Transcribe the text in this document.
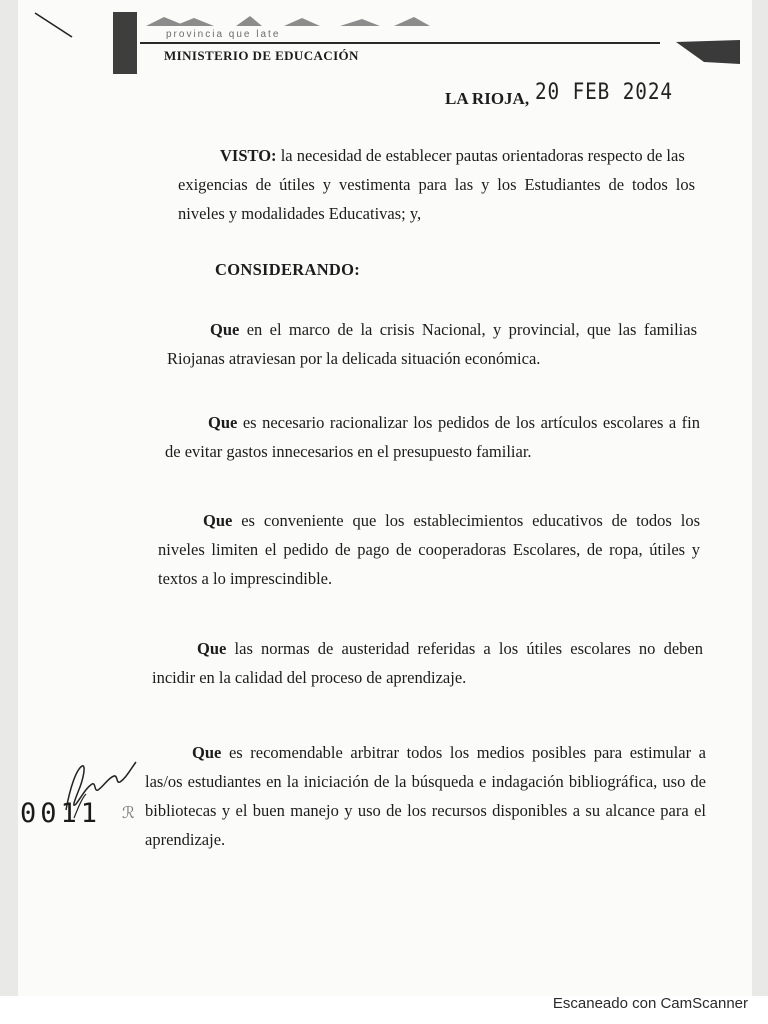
provincia que late
MINISTERIO DE EDUCACIÓN
LA RIOJA, 20 FEB 2024

VISTO: la necesidad de establecer pautas orientadoras respecto de las

exigencias de útiles y vestimenta para las y los Estudiantes de todos los niveles y modalidades Educativas; y,

CONSIDERANDO:

Que en el marco de la crisis Nacional, y provincial, que las familias Riojanas atraviesan por la delicada situación económica.

Que es necesario racionalizar los pedidos de los artículos escolares a fin de evitar gastos innecesarios en el presupuesto familiar.

Que es conveniente que los establecimientos educativos de todos los niveles limiten el pedido de pago de cooperadoras Escolares, de ropa, útiles y textos a lo imprescindible.

Que las normas de austeridad referidas a los útiles escolares no deben incidir en la calidad del proceso de aprendizaje.

Que es recomendable arbitrar todos los medios posibles para estimular a las/os estudiantes en la iniciación de la búsqueda e indagación bibliográfica, uso de bibliotecas y el buen manejo y uso de los recursos disponibles a su alcance para el aprendizaje.

0011 ℛ
Escaneado con CamScanner
